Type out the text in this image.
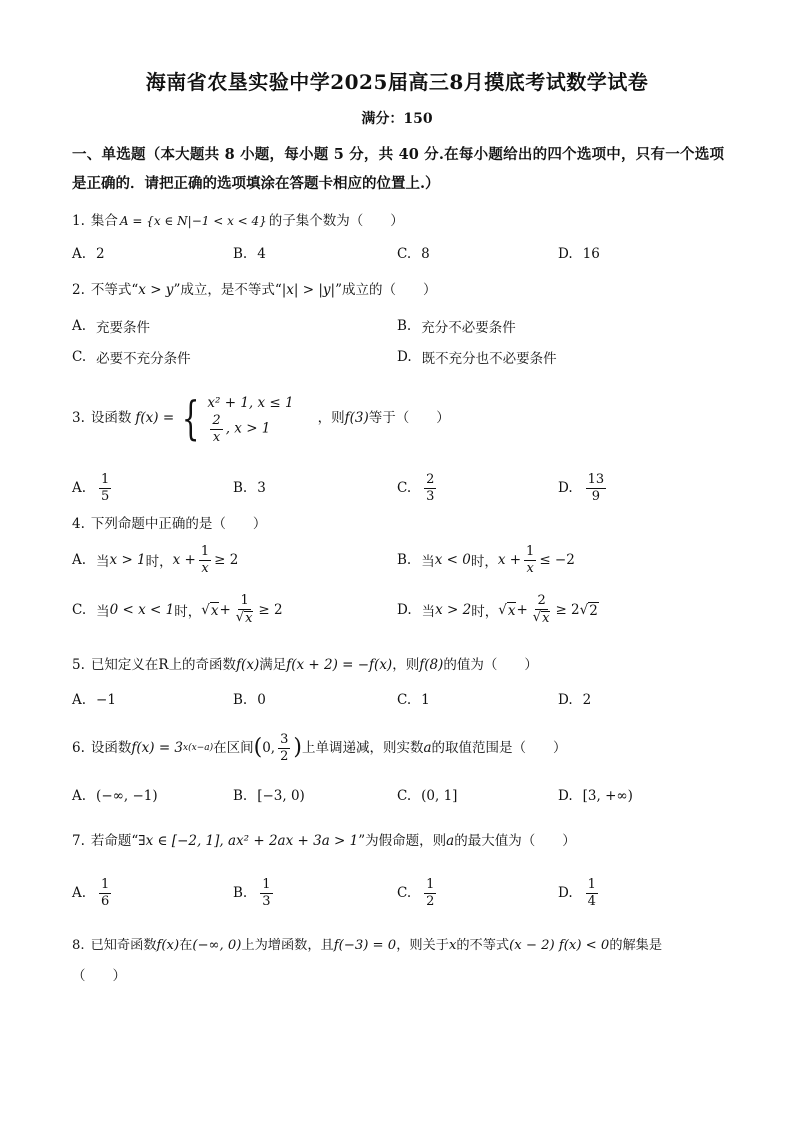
海南省农垦实验中学2025届高三8月摸底考试数学试卷
满分：150
一、单选题（本大题共 8 小题，每小题 5 分，共 40 分.在每小题给出的四个选项中，只有一个选项是正确的．请把正确的选项填涂在答题卡相应的位置上.）
1. 集合 A = {x ∈ N|−1 < x < 4} 的子集个数为（　　）
A. 2	B. 4	C. 8	D. 16
2. 不等式“ x > y ”成立，是不等式“ |x| > |y| ”成立的（　　）
A. 充要条件	B. 充分不必要条件
C. 必要不充分条件	D. 既不充分也不必要条件
3. 设函数 f(x) = { x² + 1, x ≤ 1
$\frac{2}{x}$ , x > 1
，则 f(3) 等于（　　）
A. $\frac{1}{5}$	B. 3	C. $\frac{2}{3}$	D. $\frac{13}{9}$
4. 下列命题中正确的是（　　）
A. 当 x > 1 时， $x + \frac{1}{x} \ge 2$	B. 当 x < 0 时， $x + \frac{1}{x} \le -2$
C. 当 0 < x < 1 时， √ $x + \frac{1}{√ x} \ge 2$	D. 当 x > 2 时， √ $x + \frac{2}{√ x} \ge 2$ √ 2
5. 已知定义在 R 上的奇函数 f(x) 满足 f(x + 2) = −f(x) ，则 f(8) 的值为（　　）
A. −1	B. 0	C. 1	D. 2
6. 设函数 f(x) = 3 x(x−a) 在区间 ( 0, $\frac{3}{2}$ ) 上单调递减，则实数 a 的取值范围是（　　）
A. (−∞, −1)	B. [−3, 0)	C. (0, 1]	D. [3, +∞)
7. 若命题“ ∃x ∈ [−2, 1], ax² + 2ax + 3a > 1 ”为假命题，则 a 的最大值为（　　）
A. $\frac{1}{6}$	B. $\frac{1}{3}$	C. $\frac{1}{2}$	D. $\frac{1}{4}$
8. 已知奇函数 f(x) 在 (−∞, 0) 上为增函数，且 f(−3) = 0 ，则关于 x 的不等式 (x − 2) f(x) < 0 的解集是
（　　）
